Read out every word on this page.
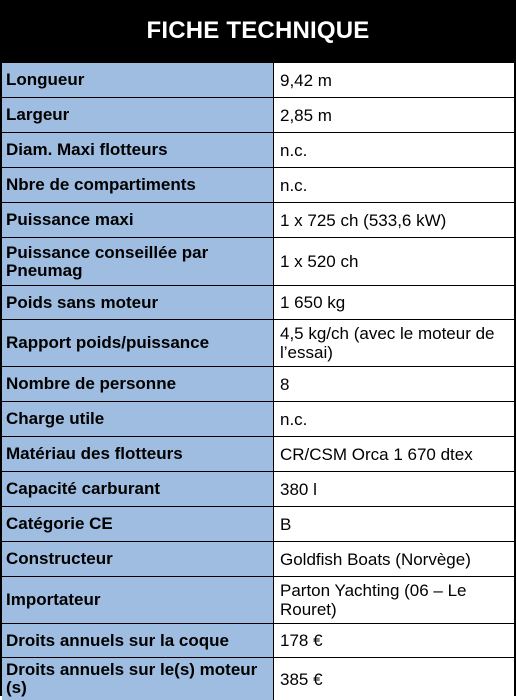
FICHE TECHNIQUE
Longueur	9,42 m
Largeur	2,85 m
Diam. Maxi flotteurs	n.c.
Nbre de compartiments	n.c.
Puissance maxi	1 x 725 ch (533,6 kW)
Puissance conseillée par Pneumag	1 x 520 ch
Poids sans moteur	1 650 kg
Rapport poids/puissance	4,5 kg/ch (avec le moteur de l’essai)
Nombre de personne	8
Charge utile	n.c.
Matériau des flotteurs	CR/CSM Orca 1 670 dtex
Capacité carburant	380 l
Catégorie CE	B
Constructeur	Goldfish Boats (Norvège)
Importateur	Parton Yachting (06 – Le Rouret)
Droits annuels sur la coque	178 €
Droits annuels sur le(s) moteur (s)	385 €
